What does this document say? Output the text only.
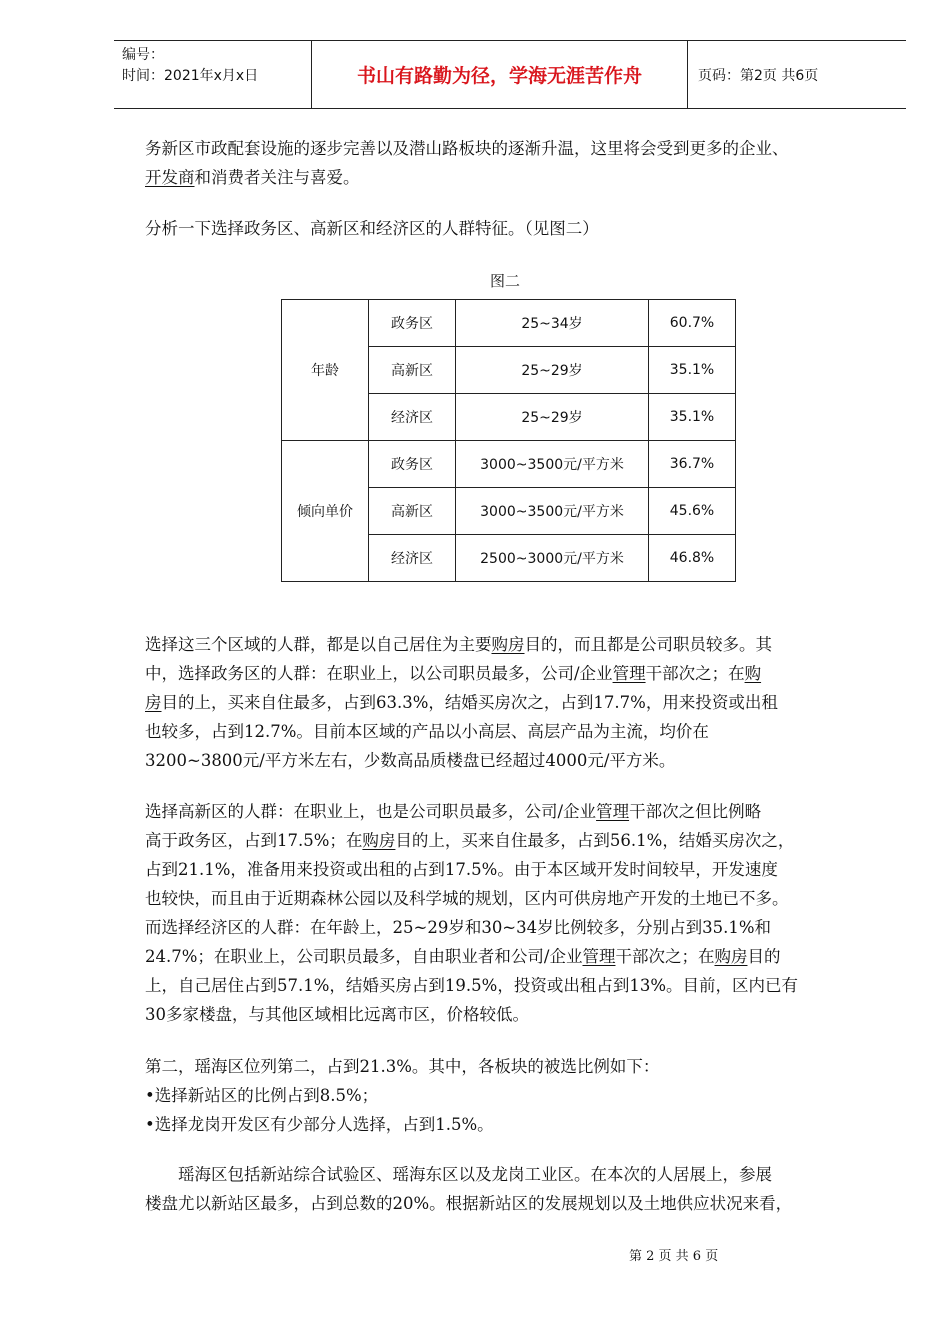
编号：
时间：2021年x月x日	书山有路勤为径，学海无涯苦作舟	页码：第2页 共6页

务新区市政配套设施的逐步完善以及潜山路板块的逐渐升温，这里将会受到更多的企业、
开发商和消费者关注与喜爱。

分析一下选择政务区、高新区和经济区的人群特征。（见图二）

图二
年龄	政务区	25~34岁	60.7%
	高新区	25~29岁	35.1%
	经济区	25~29岁	35.1%
倾向单价	政务区	3000~3500元/平方米	36.7%
	高新区	3000~3500元/平方米	45.6%
	经济区	2500~3000元/平方米	46.8%

选择这三个区域的人群，都是以自己居住为主要购房目的，而且都是公司职员较多。其
中，选择政务区的人群：在职业上，以公司职员最多，公司/企业管理干部次之；在购
房目的上，买来自住最多，占到63.3%，结婚买房次之，占到17.7%，用来投资或出租
也较多，占到12.7%。目前本区域的产品以小高层、高层产品为主流，均价在
3200~3800元/平方米左右，少数高品质楼盘已经超过4000元/平方米。

选择高新区的人群：在职业上，也是公司职员最多，公司/企业管理干部次之但比例略
高于政务区，占到17.5%；在购房目的上，买来自住最多，占到56.1%，结婚买房次之，
占到21.1%，准备用来投资或出租的占到17.5%。由于本区域开发时间较早，开发速度
也较快，而且由于近期森林公园以及科学城的规划，区内可供房地产开发的土地已不多。
而选择经济区的人群：在年龄上，25~29岁和30~34岁比例较多，分别占到35.1%和
24.7%；在职业上，公司职员最多，自由职业者和公司/企业管理干部次之；在购房目的
上，自己居住占到57.1%，结婚买房占到19.5%，投资或出租占到13%。目前，区内已有
30多家楼盘，与其他区域相比远离市区，价格较低。

第二，瑶海区位列第二，占到21.3%。其中，各板块的被选比例如下：
•选择新站区的比例占到8.5%；
•选择龙岗开发区有少部分人选择，占到1.5%。

瑶海区包括新站综合试验区、瑶海东区以及龙岗工业区。在本次的人居展上，参展
楼盘尤以新站区最多，占到总数的20%。根据新站区的发展规划以及土地供应状况来看，

第 2 页 共 6 页
